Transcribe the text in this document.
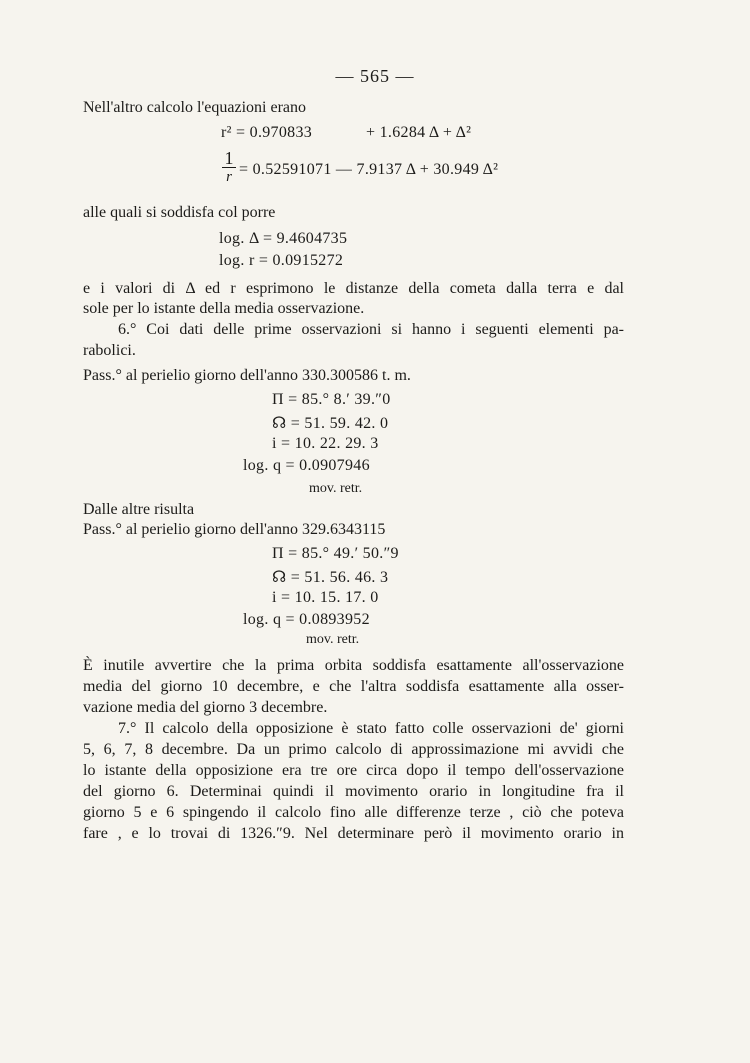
— 565 —
Nell'altro calcolo l'equazioni erano
r² = 0.970833	+ 1.6284 Δ + Δ²
1
r = 0.52591071 — 7.9137 Δ + 30.949 Δ²
alle quali si soddisfa col porre
log. Δ = 9.4604735
log. r = 0.0915272
e i valori di Δ ed r esprimono le distanze della cometa dalla terra e dal
sole per lo istante della media osservazione.
6.° Coi dati delle prime osservazioni si hanno i seguenti elementi pa-
rabolici.
Pass.° al perielio giorno dell'anno 330.300586 t. m.
Π = 85.° 8.′ 39.″0
☊ = 51. 59. 42. 0
i = 10. 22. 29. 3
log. q = 0.0907946
mov. retr.
Dalle altre risulta
Pass.° al perielio giorno dell'anno 329.6343115
Π = 85.° 49.′ 50.″9
☊ = 51. 56. 46. 3
i = 10. 15. 17. 0
log. q = 0.0893952
mov. retr.
È inutile avvertire che la prima orbita soddisfa esattamente all'osservazione
media del giorno 10 decembre, e che l'altra soddisfa esattamente alla osser-
vazione media del giorno 3 decembre.
7.° Il calcolo della opposizione è stato fatto colle osservazioni de' giorni
5, 6, 7, 8 decembre. Da un primo calcolo di approssimazione mi avvidi che
lo istante della opposizione era tre ore circa dopo il tempo dell'osservazione
del giorno 6. Determinai quindi il movimento orario in longitudine fra il
giorno 5 e 6 spingendo il calcolo fino alle differenze terze , ciò che poteva
fare , e lo trovai di 1326.″9. Nel determinare però il movimento orario in
